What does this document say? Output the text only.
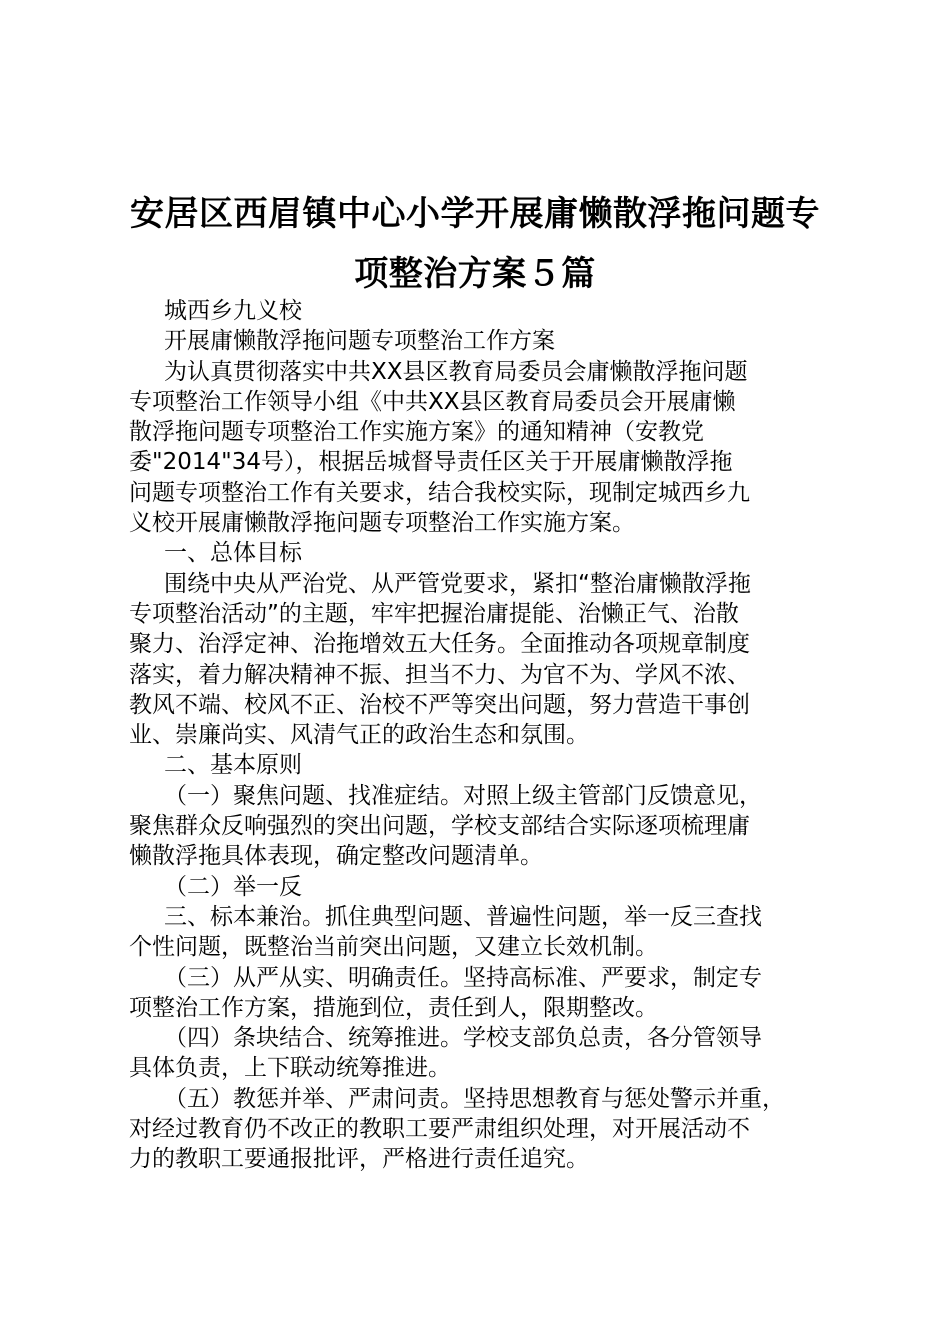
安居区西眉镇中心小学开展庸懒散浮拖问题专
项整治方案５篇
城西乡九义校
开展庸懒散浮拖问题专项整治工作方案
为认真贯彻落实中共XX县区教育局委员会庸懒散浮拖问题
专项整治工作领导小组《中共XX县区教育局委员会开展庸懒
散浮拖问题专项整治工作实施方案》的通知精神（安教党
委"2014"34号），根据岳城督导责任区关于开展庸懒散浮拖
问题专项整治工作有关要求，结合我校实际，现制定城西乡九
义校开展庸懒散浮拖问题专项整治工作实施方案。
一、总体目标
围绕中央从严治党、从严管党要求，紧扣“整治庸懒散浮拖
专项整治活动”的主题，牢牢把握治庸提能、治懒正气、治散
聚力、治浮定神、治拖增效五大任务。全面推动各项规章制度
落实，着力解决精神不振、担当不力、为官不为、学风不浓、
教风不端、校风不正、治校不严等突出问题，努力营造干事创
业、崇廉尚实、风清气正的政治生态和氛围。
二、基本原则
（一）聚焦问题、找准症结。对照上级主管部门反馈意见，
聚焦群众反响强烈的突出问题，学校支部结合实际逐项梳理庸
懒散浮拖具体表现，确定整改问题清单。
（二）举一反
三、标本兼治。抓住典型问题、普遍性问题，举一反三查找
个性问题，既整治当前突出问题，又建立长效机制。
（三）从严从实、明确责任。坚持高标准、严要求，制定专
项整治工作方案，措施到位，责任到人，限期整改。
（四）条块结合、统筹推进。学校支部负总责，各分管领导
具体负责，上下联动统筹推进。
（五）教惩并举、严肃问责。坚持思想教育与惩处警示并重，
对经过教育仍不改正的教职工要严肃组织处理，对开展活动不
力的教职工要通报批评，严格进行责任追究。
